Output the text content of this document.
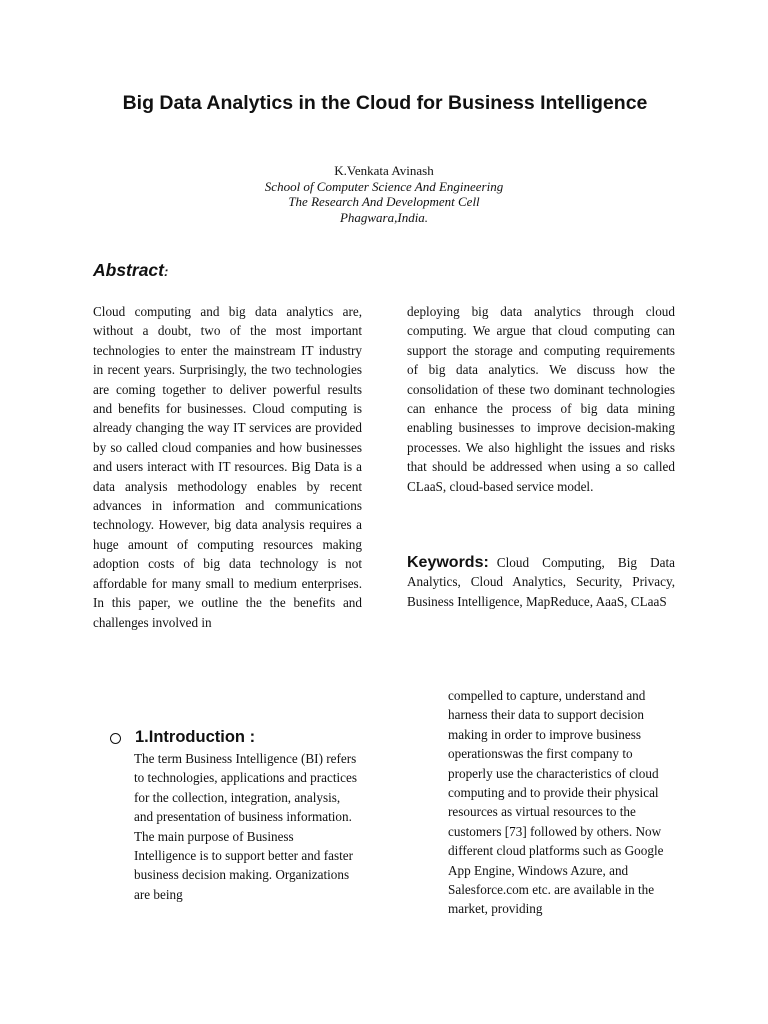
Big Data Analytics in the Cloud for Business Intelligence
K.Venkata Avinash
School of Computer Science And Engineering
The Research And Development Cell
Phagwara,India.
Abstract:
Cloud computing and big data analytics are, without a doubt, two of the most important technologies to enter the mainstream IT industry in recent years. Surprisingly, the two technologies are coming together to deliver powerful results and benefits for businesses. Cloud computing is already changing the way IT services are provided by so called cloud companies and how businesses and users interact with IT resources. Big Data is a data analysis methodology enables by recent advances in information and communications technology. However, big data analysis requires a huge amount of computing resources making adoption costs of big data technology is not affordable for many small to medium enterprises. In this paper, we outline the the benefits and challenges involved in
deploying big data analytics through cloud computing. We argue that cloud computing can support the storage and computing requirements of big data analytics. We discuss how the consolidation of these two dominant technologies can enhance the process of big data mining enabling businesses to improve decision-making processes. We also highlight the issues and risks that should be addressed when using a so called CLaaS, cloud-based service model.
Keywords: Cloud Computing, Big Data Analytics, Cloud Analytics, Security, Privacy, Business Intelligence, MapReduce, AaaS, CLaaS
1.Introduction :
The term Business Intelligence (BI) refers to technologies, applications and practices for the collection, integration, analysis, and presentation of business information. The main purpose of Business Intelligence is to support better and faster business decision making. Organizations are being
compelled to capture, understand and harness their data to support decision making in order to improve business operationswas the first company to properly use the characteristics of cloud computing and to provide their physical resources as virtual resources to the customers [73] followed by others. Now different cloud platforms such as Google App Engine, Windows Azure, and Salesforce.com etc. are available in the market, providing
